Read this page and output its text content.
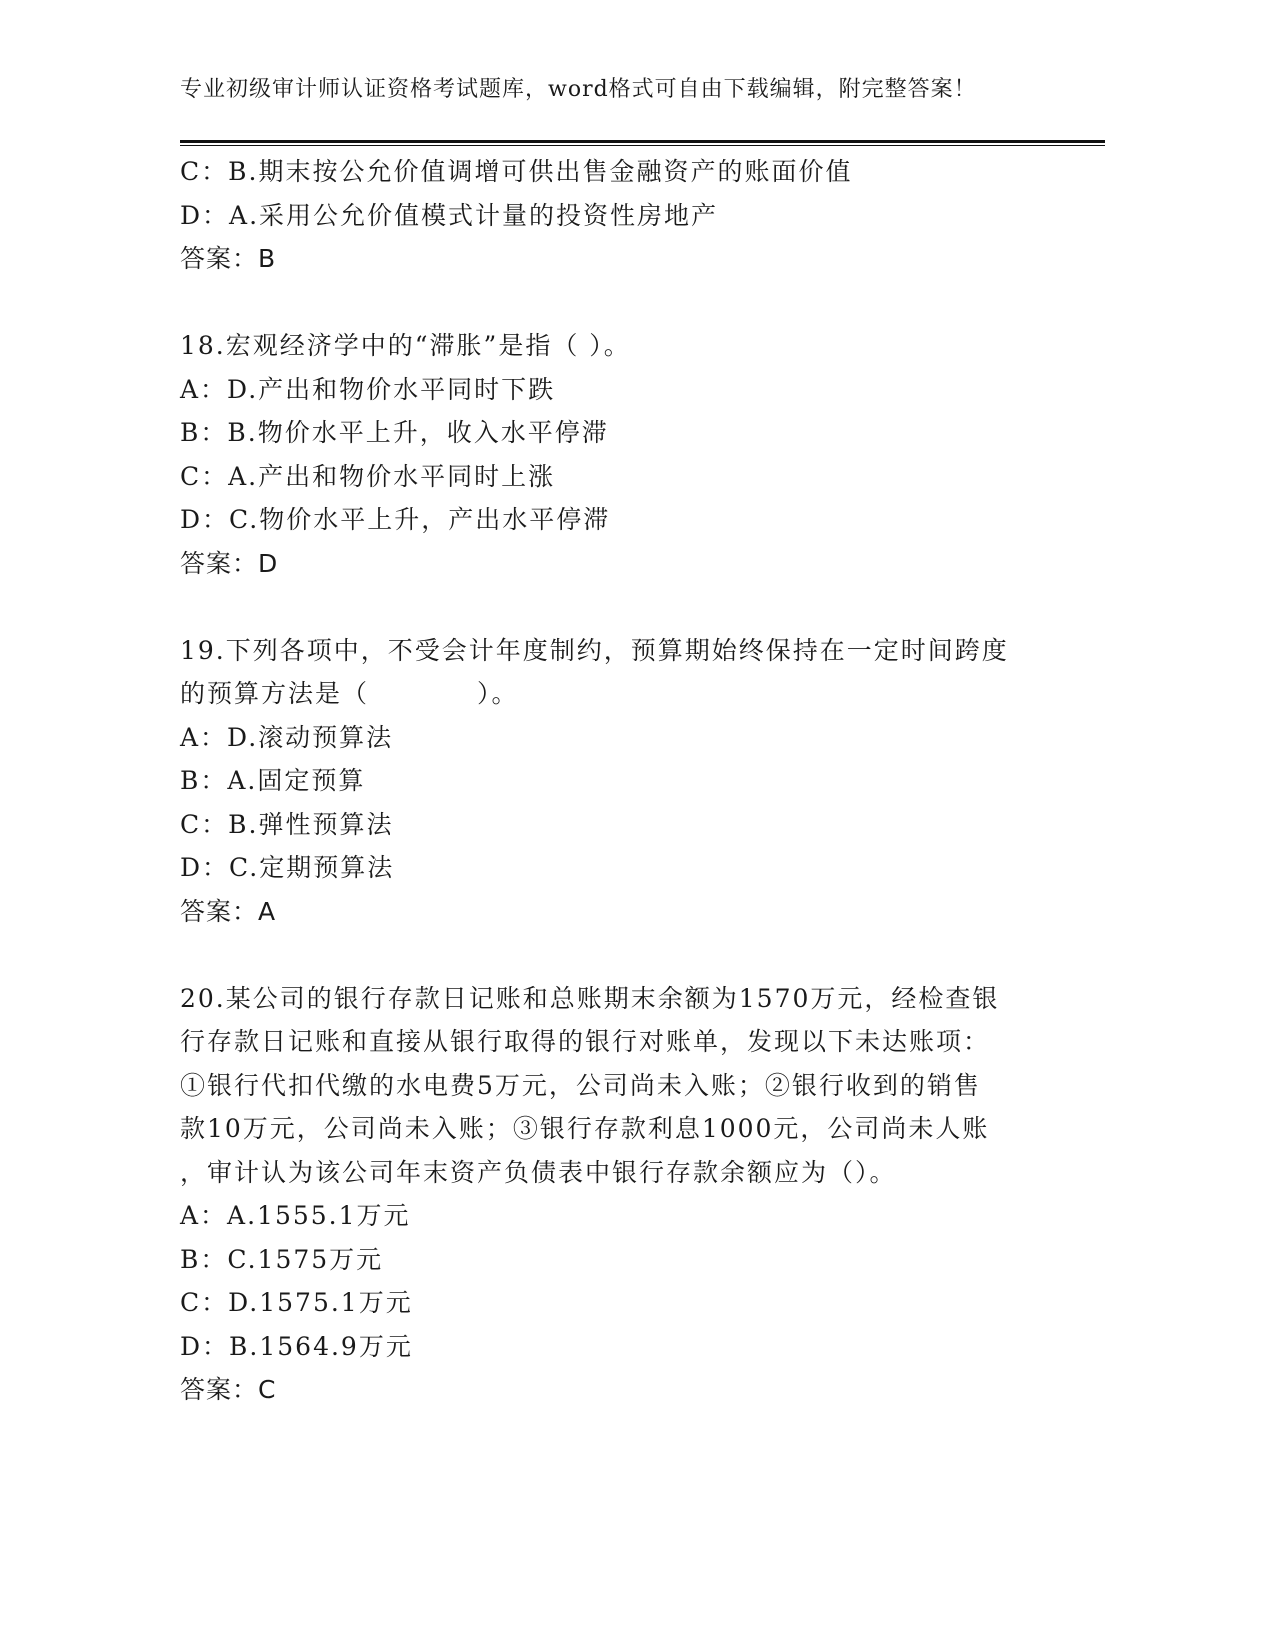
专业初级审计师认证资格考试题库，word格式可自由下载编辑，附完整答案！
C：B.期末按公允价值调增可供出售金融资产的账面价值
D：A.采用公允价值模式计量的投资性房地产
答案：B
18.宏观经济学中的“滞胀”是指（ ）。
A：D.产出和物价水平同时下跌
B：B.物价水平上升，收入水平停滞
C：A.产出和物价水平同时上涨
D：C.物价水平上升，产出水平停滞
答案：D
19.下列各项中，不受会计年度制约，预算期始终保持在一定时间跨度
的预算方法是（　　　　）。
A：D.滚动预算法
B：A.固定预算
C：B.弹性预算法
D：C.定期预算法
答案：A
20.某公司的银行存款日记账和总账期末余额为1570万元，经检查银
行存款日记账和直接从银行取得的银行对账单，发现以下未达账项：
①银行代扣代缴的水电费5万元，公司尚未入账；②银行收到的销售
款10万元，公司尚未入账；③银行存款利息1000元，公司尚未人账
，审计认为该公司年末资产负债表中银行存款余额应为（）。
A：A.1555.1万元
B：C.1575万元
C：D.1575.1万元
D：B.1564.9万元
答案：C
